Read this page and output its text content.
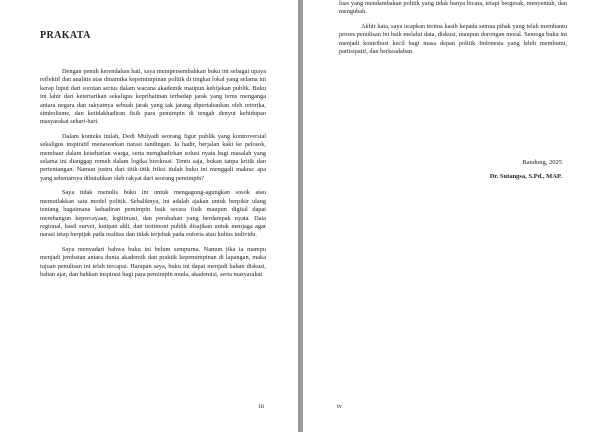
PRAKATA

Dengan penuh kerendahan hati, saya mempersembahkan buku ini sebagai upaya reflektif dan analitis atas dinamika kepemimpinan politik di tingkat lokal yang selama ini kerap luput dari sorotan serius dalam wacana akademik maupun kebijakan publik. Buku ini lahir dari ketertarikan sekaligus keprihatinan terhadap jarak yang terus menganga antara negara dan rakyatnya sebuah jarak yang tak jarang dipertahankan oleh retorika, simbolisme, dan ketidakhadiran fisik para pemimpin di tengah denyut kehidupan masyarakat sehari-hari.

Dalam konteks itulah, Dedi Mulyadi seorang figur publik yang kontroversial sekaligus inspiratif menawarkan narasi tandingan. Ia hadir, berjalan kaki ke pelosok, membaur dalam keseharian warga, serta menghadirkan solusi nyata bagi masalah yang selama ini dianggap remeh dalam logika birokrasi. Tentu saja, bukan tanpa kritik dan pertentangan. Namun justru dari titik-titik friksi itulah buku ini menggali makna: apa yang sebenarnya dibutuhkan oleh rakyat dari seorang pemimpin?

Saya tidak menulis buku ini untuk mengagung-agungkan sosok atau memutlakkan satu model politik. Sebaliknya, ini adalah ajakan untuk berpikir ulang tentang bagaimana kehadiran pemimpin baik secara fisik maupun digital dapat membangun kepercayaan, legitimasi, dan perubahan yang berdampak nyata. Data regional, hasil survei, kutipan ahli, dan testimoni publik disajikan untuk menjaga agar narasi tetap berpijak pada realitas dan tidak terjebak pada euforia atau kultus individu.

Saya menyadari bahwa buku ini belum sempurna. Namun jika ia mampu menjadi jembatan antara dunia akademik dan praktik kepemimpinan di lapangan, maka tujuan penulisan ini telah tercapai. Harapan saya, buku ini dapat menjadi bahan diskusi, bahan ajar, dan bahkan inspirasi bagi para pemimpin muda, akademisi, serta masyarakat

iii

luas yang mendambakan politik yang tidak hanya bicara, tetapi bergerak, menyentuh, dan mengubah.

Akhir kata, saya ucapkan terima kasih kepada semua pihak yang telah membantu proses penulisan ini baik melalui data, diskusi, maupun dorongan moral. Semoga buku ini menjadi kontribusi kecil bagi masa depan politik Indonesia yang lebih membumi, partisipatif, dan berkeadaban.

Bandung, 2025
Dr. Sutangsa, S.Pd., MAP.
iv
